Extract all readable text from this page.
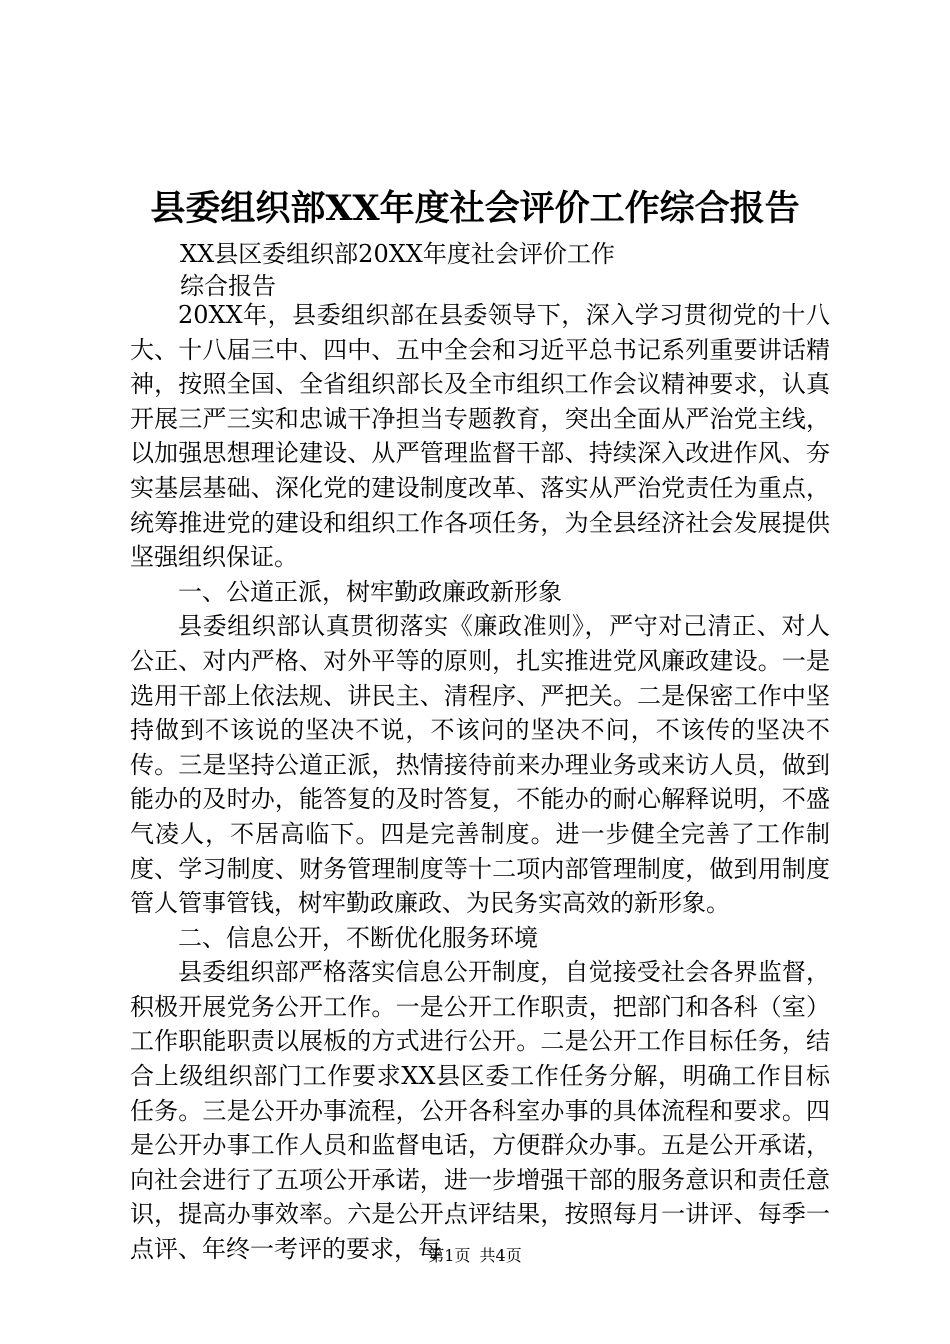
县委组织部XX年度社会评价工作综合报告
XX县区委组织部20XX年度社会评价工作
综合报告

20XX年，县委组织部在县委领导下，深入学习贯彻党的十八大、十八届三中、四中、五中全会和习近平总书记系列重要讲话精神，按照全国、全省组织部长及全市组织工作会议精神要求，认真开展三严三实和忠诚干净担当专题教育，突出全面从严治党主线，以加强思想理论建设、从严管理监督干部、持续深入改进作风、夯实基层基础、深化党的建设制度改革、落实从严治党责任为重点，统筹推进党的建设和组织工作各项任务，为全县经济社会发展提供坚强组织保证。

一、公道正派，树牢勤政廉政新形象

县委组织部认真贯彻落实《廉政准则》，严守对己清正、对人公正、对内严格、对外平等的原则，扎实推进党风廉政建设。一是选用干部上依法规、讲民主、清程序、严把关。二是保密工作中坚持做到不该说的坚决不说，不该问的坚决不问，不该传的坚决不传。三是坚持公道正派，热情接待前来办理业务或来访人员，做到能办的及时办，能答复的及时答复，不能办的耐心解释说明，不盛气凌人，不居高临下。四是完善制度。进一步健全完善了工作制度、学习制度、财务管理制度等十二项内部管理制度，做到用制度管人管事管钱，树牢勤政廉政、为民务实高效的新形象。

二、信息公开，不断优化服务环境

县委组织部严格落实信息公开制度，自觉接受社会各界监督，积极开展党务公开工作。一是公开工作职责，把部门和各科（室）工作职能职责以展板的方式进行公开。二是公开工作目标任务，结合上级组织部门工作要求XX县区委工作任务分解，明确工作目标任务。三是公开办事流程，公开各科室办事的具体流程和要求。四是公开办事工作人员和监督电话，方便群众办事。五是公开承诺，向社会进行了五项公开承诺，进一步增强干部的服务意识和责任意识，提高办事效率。六是公开点评结果，按照每月一讲评、每季一点评、年终一考评的要求，每

第1页 共4页
